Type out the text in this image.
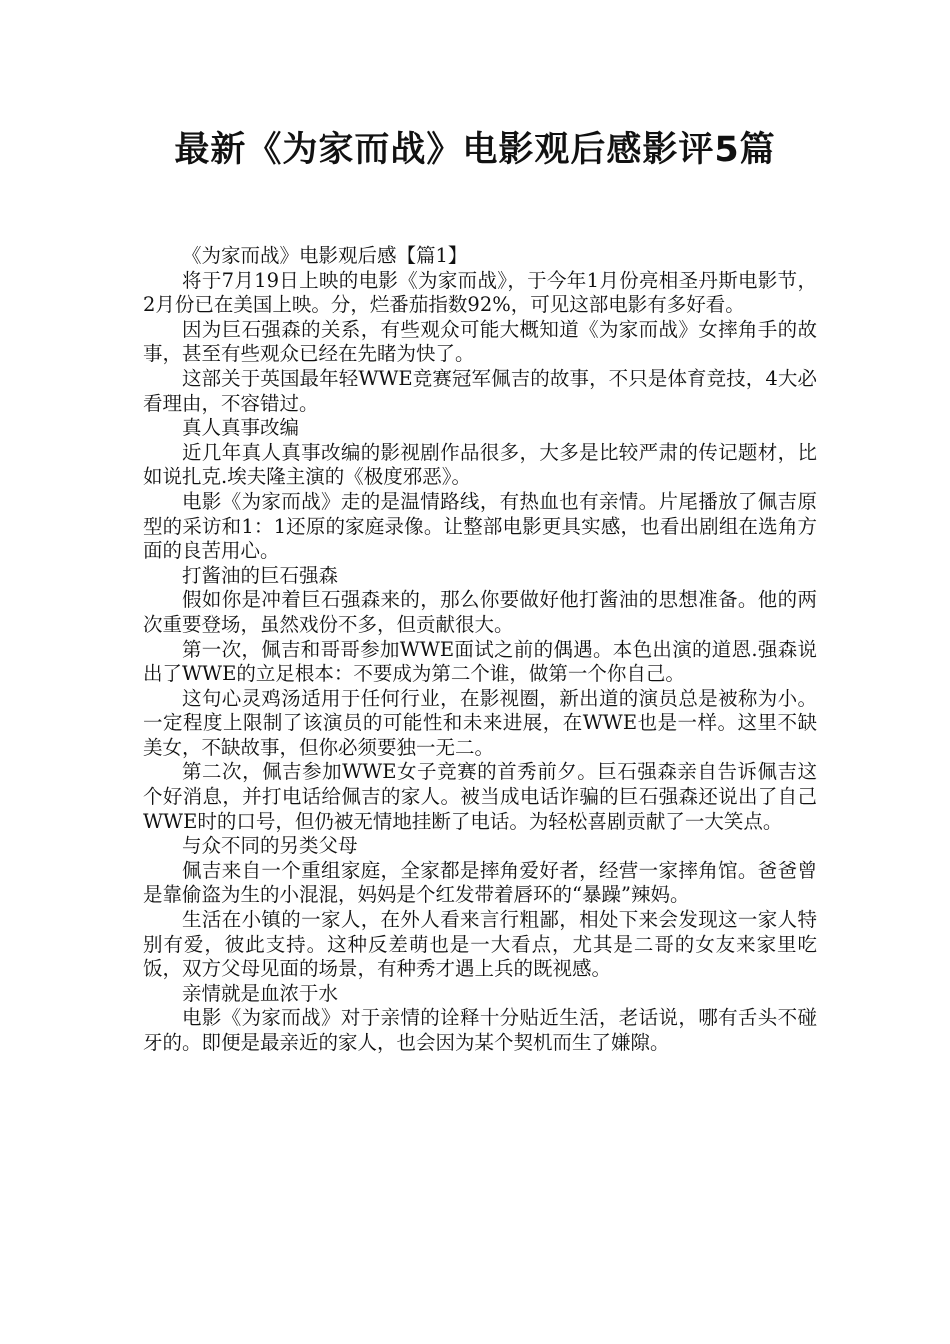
最新《为家而战》电影观后感影评5篇

《为家而战》电影观后感【篇1】

将于7月19日上映的电影《为家而战》，于今年1月份亮相圣丹斯电影节，2月份已在美国上映。分，烂番茄指数92%，可见这部电影有多好看。

因为巨石强森的关系，有些观众可能大概知道《为家而战》女摔角手的故事，甚至有些观众已经在先睹为快了。

这部关于英国最年轻WWE竞赛冠军佩吉的故事，不只是体育竞技，4大必看理由，不容错过。

真人真事改编

近几年真人真事改编的影视剧作品很多，大多是比较严肃的传记题材，比如说扎克.埃夫隆主演的《极度邪恶》。

电影《为家而战》走的是温情路线，有热血也有亲情。片尾播放了佩吉原型的采访和1：1还原的家庭录像。让整部电影更具实感，也看出剧组在选角方面的良苦用心。

打酱油的巨石强森

假如你是冲着巨石强森来的，那么你要做好他打酱油的思想准备。他的两次重要登场，虽然戏份不多，但贡献很大。

第一次，佩吉和哥哥参加WWE面试之前的偶遇。本色出演的道恩.强森说出了WWE的立足根本：不要成为第二个谁，做第一个你自己。

这句心灵鸡汤适用于任何行业，在影视圈，新出道的演员总是被称为小。一定程度上限制了该演员的可能性和未来进展，在WWE也是一样。这里不缺美女，不缺故事，但你必须要独一无二。

第二次，佩吉参加WWE女子竞赛的首秀前夕。巨石强森亲自告诉佩吉这个好消息，并打电话给佩吉的家人。被当成电话诈骗的巨石强森还说出了自己WWE时的口号，但仍被无情地挂断了电话。为轻松喜剧贡献了一大笑点。

与众不同的另类父母

佩吉来自一个重组家庭，全家都是摔角爱好者，经营一家摔角馆。爸爸曾是靠偷盗为生的小混混，妈妈是个红发带着唇环的“暴躁”辣妈。

生活在小镇的一家人，在外人看来言行粗鄙，相处下来会发现这一家人特别有爱，彼此支持。这种反差萌也是一大看点，尤其是二哥的女友来家里吃饭，双方父母见面的场景，有种秀才遇上兵的既视感。

亲情就是血浓于水

电影《为家而战》对于亲情的诠释十分贴近生活，老话说，哪有舌头不碰牙的。即便是最亲近的家人，也会因为某个契机而生了嫌隙。
